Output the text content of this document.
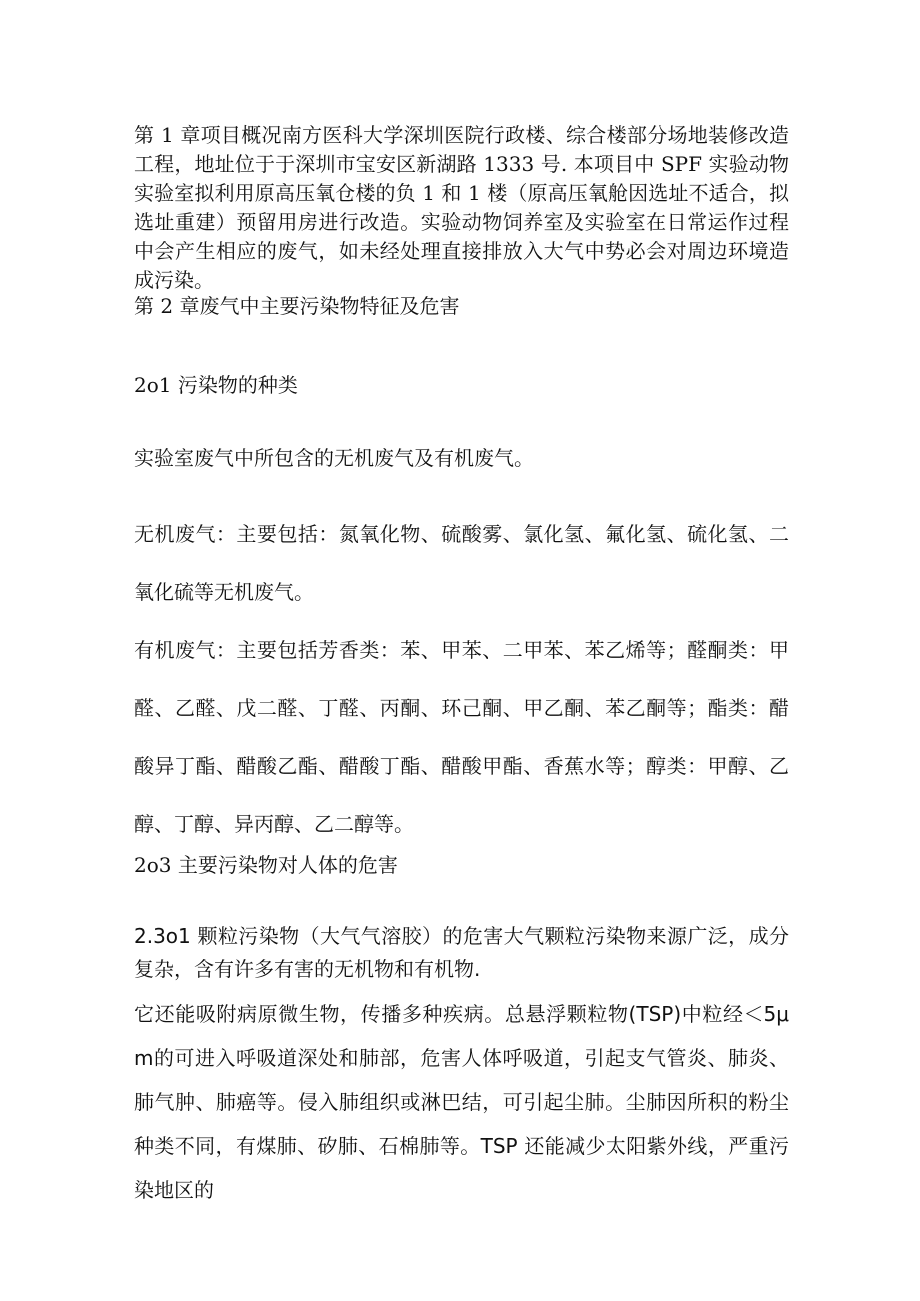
第 1 章项目概况南方医科大学深圳医院行政楼、综合楼部分场地装修改造工程，地址位于于深圳市宝安区新湖路 1333 号. 本项目中 SPF 实验动物实验室拟利用原高压氧仓楼的负 1 和 1 楼（原高压氧舱因选址不适合，拟选址重建）预留用房进行改造。实验动物饲养室及实验室在日常运作过程中会产生相应的废气，如未经处理直接排放入大气中势必会对周边环境造成污染。

第 2 章废气中主要污染物特征及危害

2o1 污染物的种类

实验室废气中所包含的无机废气及有机废气。

无机废气：主要包括：氮氧化物、硫酸雾、氯化氢、氟化氢、硫化氢、二氧化硫等无机废气。

有机废气：主要包括芳香类：苯、甲苯、二甲苯、苯乙烯等；醛酮类：甲醛、乙醛、戊二醛、丁醛、丙酮、环己酮、甲乙酮、苯乙酮等；酯类：醋酸异丁酯、醋酸乙酯、醋酸丁酯、醋酸甲酯、香蕉水等；醇类：甲醇、乙醇、丁醇、异丙醇、乙二醇等。

2o3 主要污染物对人体的危害

2.3o1 颗粒污染物（大气气溶胶）的危害大气颗粒污染物来源广泛，成分复杂，含有许多有害的无机物和有机物.

它还能吸附病原微生物，传播多种疾病。总悬浮颗粒物(TSP)中粒经＜5μm的可进入呼吸道深处和肺部，危害人体呼吸道，引起支气管炎、肺炎、肺气肿、肺癌等。侵入肺组织或淋巴结，可引起尘肺。尘肺因所积的粉尘种类不同，有煤肺、矽肺、石棉肺等。TSP 还能减少太阳紫外线，严重污染地区的
